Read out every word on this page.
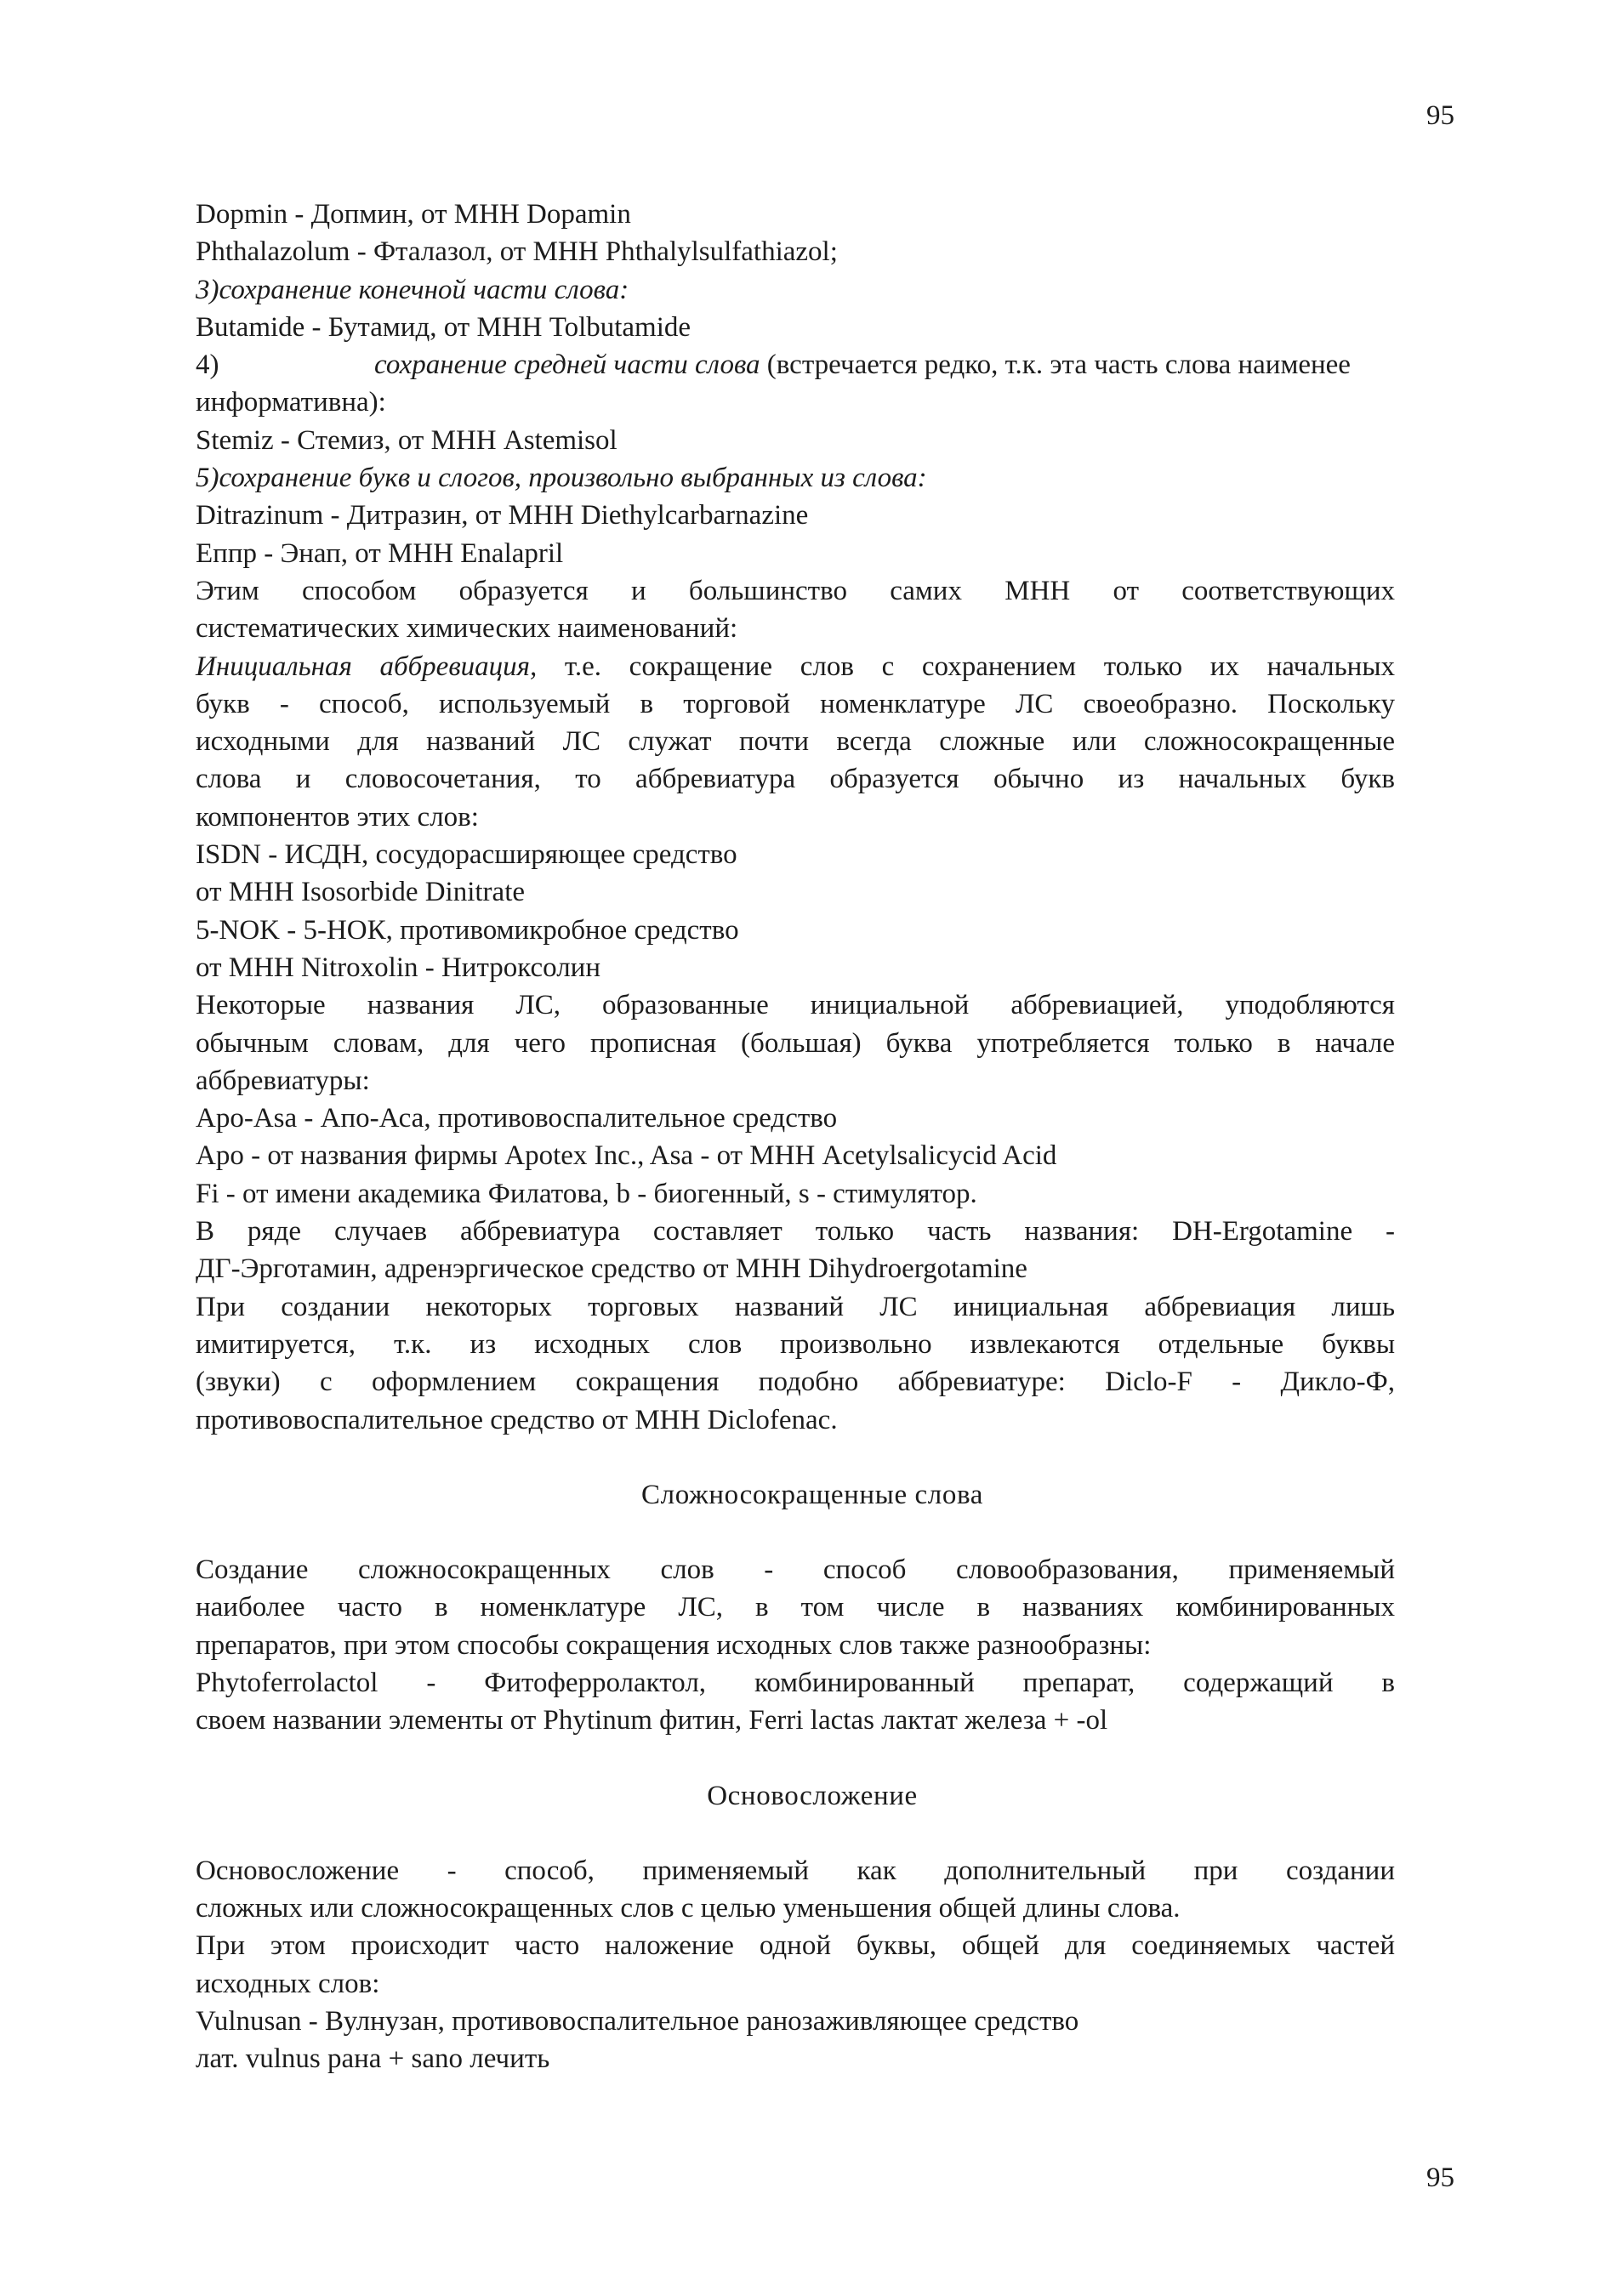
95
Dopmin - Допмин, от МНН Dopamin
Phthalazolum - Фталазол, от МНН Phthalylsulfathiazol;
3)сохранение конечной части слова:
Butamide - Бутамид, от МНН Tolbutamide
4)	сохранение средней части слова (встречается редко, т.к. эта часть слова наименее
информативна):
Stemiz - Стемиз, от МНН Astemisol
5)сохранение букв и слогов, произвольно выбранных из слова:
Ditrazinum - Дитразин, от МНН Diethylcarbarnazine
Еппр - Энап, от МНН Enalapril
Этим способом образуется и большинство самих МНН от соответствующих
систематических химических наименований:
Инициальная аббревиация, т.е. сокращение слов с сохранением только их начальных
букв - способ, используемый в торговой номенклатуре ЛС своеобразно. Поскольку
исходными для названий ЛС служат почти всегда сложные или сложносокращенные
слова и словосочетания, то аббревиатура образуется обычно из начальных букв
компонентов этих слов:
ISDN - ИСДН, сосудорасширяющее средство
от МНН Isosorbide Dinitrate
5-NOK - 5-НОК, противомикробное средство
от МНН Nitroxolin - Нитроксолин
Некоторые названия ЛС, образованные инициальной аббревиацией, уподобляются
обычным словам, для чего прописная (большая) буква употребляется только в начале
аббревиатуры:
Apo-Asa - Апо-Аса, противовоспалительное средство
Apo - от названия фирмы Apotex Inc., Asa - от МНН Acetylsalicycid Acid
Fi - от имени академика Филатова, b - биогенный, s - стимулятор.
В ряде случаев аббревиатура составляет только часть названия: DH-Ergotamine -
ДГ-Эрготамин, адренэргическое средство от МНН Dihydroergotamine
При создании некоторых торговых названий ЛС инициальная аббревиация лишь
имитируется, т.к. из исходных слов произвольно извлекаются отдельные буквы
(звуки) с оформлением сокращения подобно аббревиатуре: Diclo-F - Дикло-Ф,
противовоспалительное средство от МНН Diclofenac.
Сложносокращенные слова
Создание сложносокращенных слов - способ словообразования, применяемый
наиболее часто в номенклатуре ЛС, в том числе в названиях комбинированных
препаратов, при этом способы сокращения исходных слов также разнообразны:
Phytoferrolactol - Фитоферролактол, комбинированный препарат, содержащий в
своем названии элементы от Phytinum фитин, Ferri lactas лактат железа + -ol
Основосложение
Основосложение - способ, применяемый как дополнительный при создании
сложных или сложносокращенных слов с целью уменьшения общей длины слова.
При этом происходит часто наложение одной буквы, общей для соединяемых частей
исходных слов:
Vulnusan - Вулнузан, противовоспалительное ранозаживляющее средство
лат. vulnus рана + sano лечить
95
